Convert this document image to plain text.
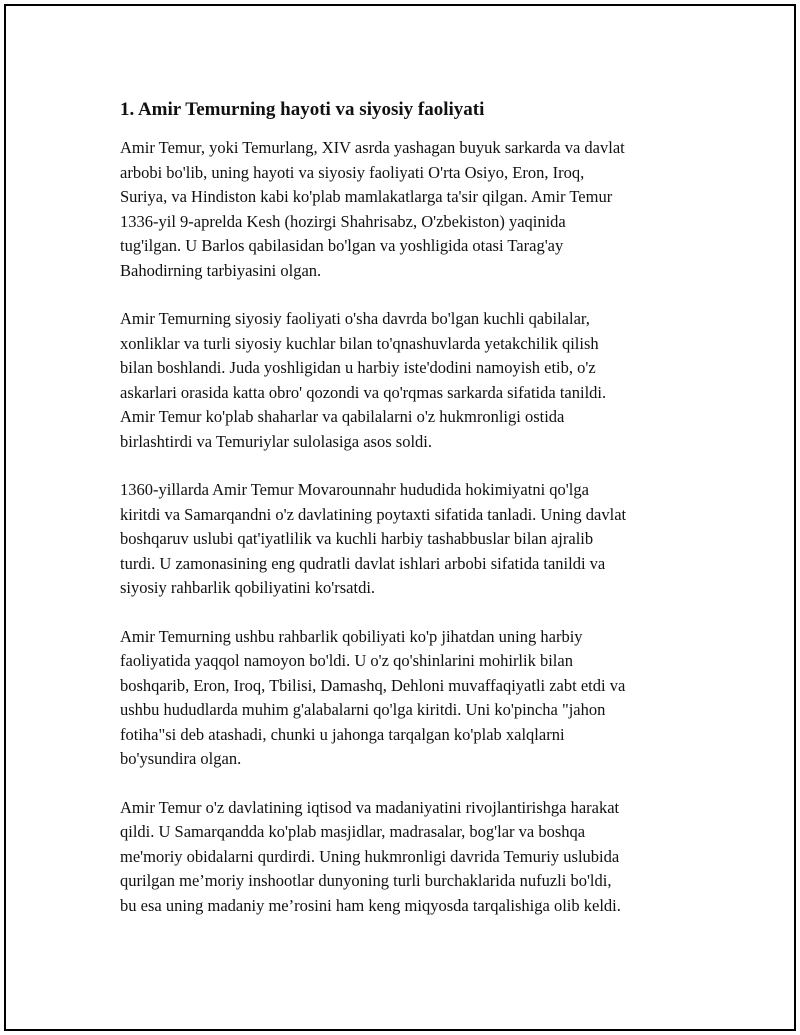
1. Amir Temurning hayoti va siyosiy faoliyati

Amir Temur, yoki Temurlang, XIV asrda yashagan buyuk sarkarda va davlat
arbobi bo'lib, uning hayoti va siyosiy faoliyati O'rta Osiyo, Eron, Iroq,
Suriya, va Hindiston kabi ko'plab mamlakatlarga ta'sir qilgan. Amir Temur
1336-yil 9-aprelda Kesh (hozirgi Shahrisabz, O'zbekiston) yaqinida
tug'ilgan. U Barlos qabilasidan bo'lgan va yoshligida otasi Tarag'ay
Bahodirning tarbiyasini olgan.

Amir Temurning siyosiy faoliyati o'sha davrda bo'lgan kuchli qabilalar,
xonliklar va turli siyosiy kuchlar bilan to'qnashuvlarda yetakchilik qilish
bilan boshlandi. Juda yoshligidan u harbiy iste'dodini namoyish etib, o'z
askarlari orasida katta obro' qozondi va qo'rqmas sarkarda sifatida tanildi.
Amir Temur ko'plab shaharlar va qabilalarni o'z hukmronligi ostida
birlashtirdi va Temuriylar sulolasiga asos soldi.

1360-yillarda Amir Temur Movarounnahr hududida hokimiyatni qo'lga
kiritdi va Samarqandni o'z davlatining poytaxti sifatida tanladi. Uning davlat
boshqaruv uslubi qat'iyatlilik va kuchli harbiy tashabbuslar bilan ajralib
turdi. U zamonasining eng qudratli davlat ishlari arbobi sifatida tanildi va
siyosiy rahbarlik qobiliyatini ko'rsatdi.

Amir Temurning ushbu rahbarlik qobiliyati ko'p jihatdan uning harbiy
faoliyatida yaqqol namoyon bo'ldi. U o'z qo'shinlarini mohirlik bilan
boshqarib, Eron, Iroq, Tbilisi, Damashq, Dehloni muvaffaqiyatli zabt etdi va
ushbu hududlarda muhim g'alabalarni qo'lga kiritdi. Uni ko'pincha "jahon
fotiha"si deb atashadi, chunki u jahonga tarqalgan ko'plab xalqlarni
bo'ysundira olgan.

Amir Temur o'z davlatining iqtisod va madaniyatini rivojlantirishga harakat
qildi. U Samarqandda ko'plab masjidlar, madrasalar, bog'lar va boshqa
me'moriy obidalarni qurdirdi. Uning hukmronligi davrida Temuriy uslubida
qurilgan me’moriy inshootlar dunyoning turli burchaklarida nufuzli bo'ldi,
bu esa uning madaniy me’rosini ham keng miqyosda tarqalishiga olib keldi.
